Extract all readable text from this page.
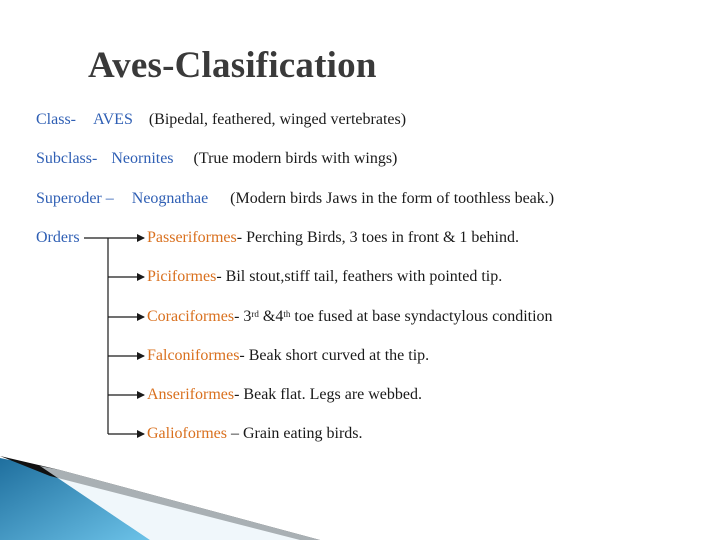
Aves-Clasification
Class- AVES (Bipedal, feathered, winged vertebrates)
Subclass- Neornites (True modern birds with wings)
Superoder – Neognathae (Modern birds Jaws in the form of toothless beak.)
Orders	Passeriformes- Perching Birds, 3 toes in front & 1 behind.
Piciformes- Bil stout,stiff tail, feathers with pointed tip.
Coraciformes- 3rd &4th toe fused at base syndactylous condition
Falconiformes- Beak short curved at the tip.
Anseriformes- Beak flat. Legs are webbed.
Galioformes – Grain eating birds.
